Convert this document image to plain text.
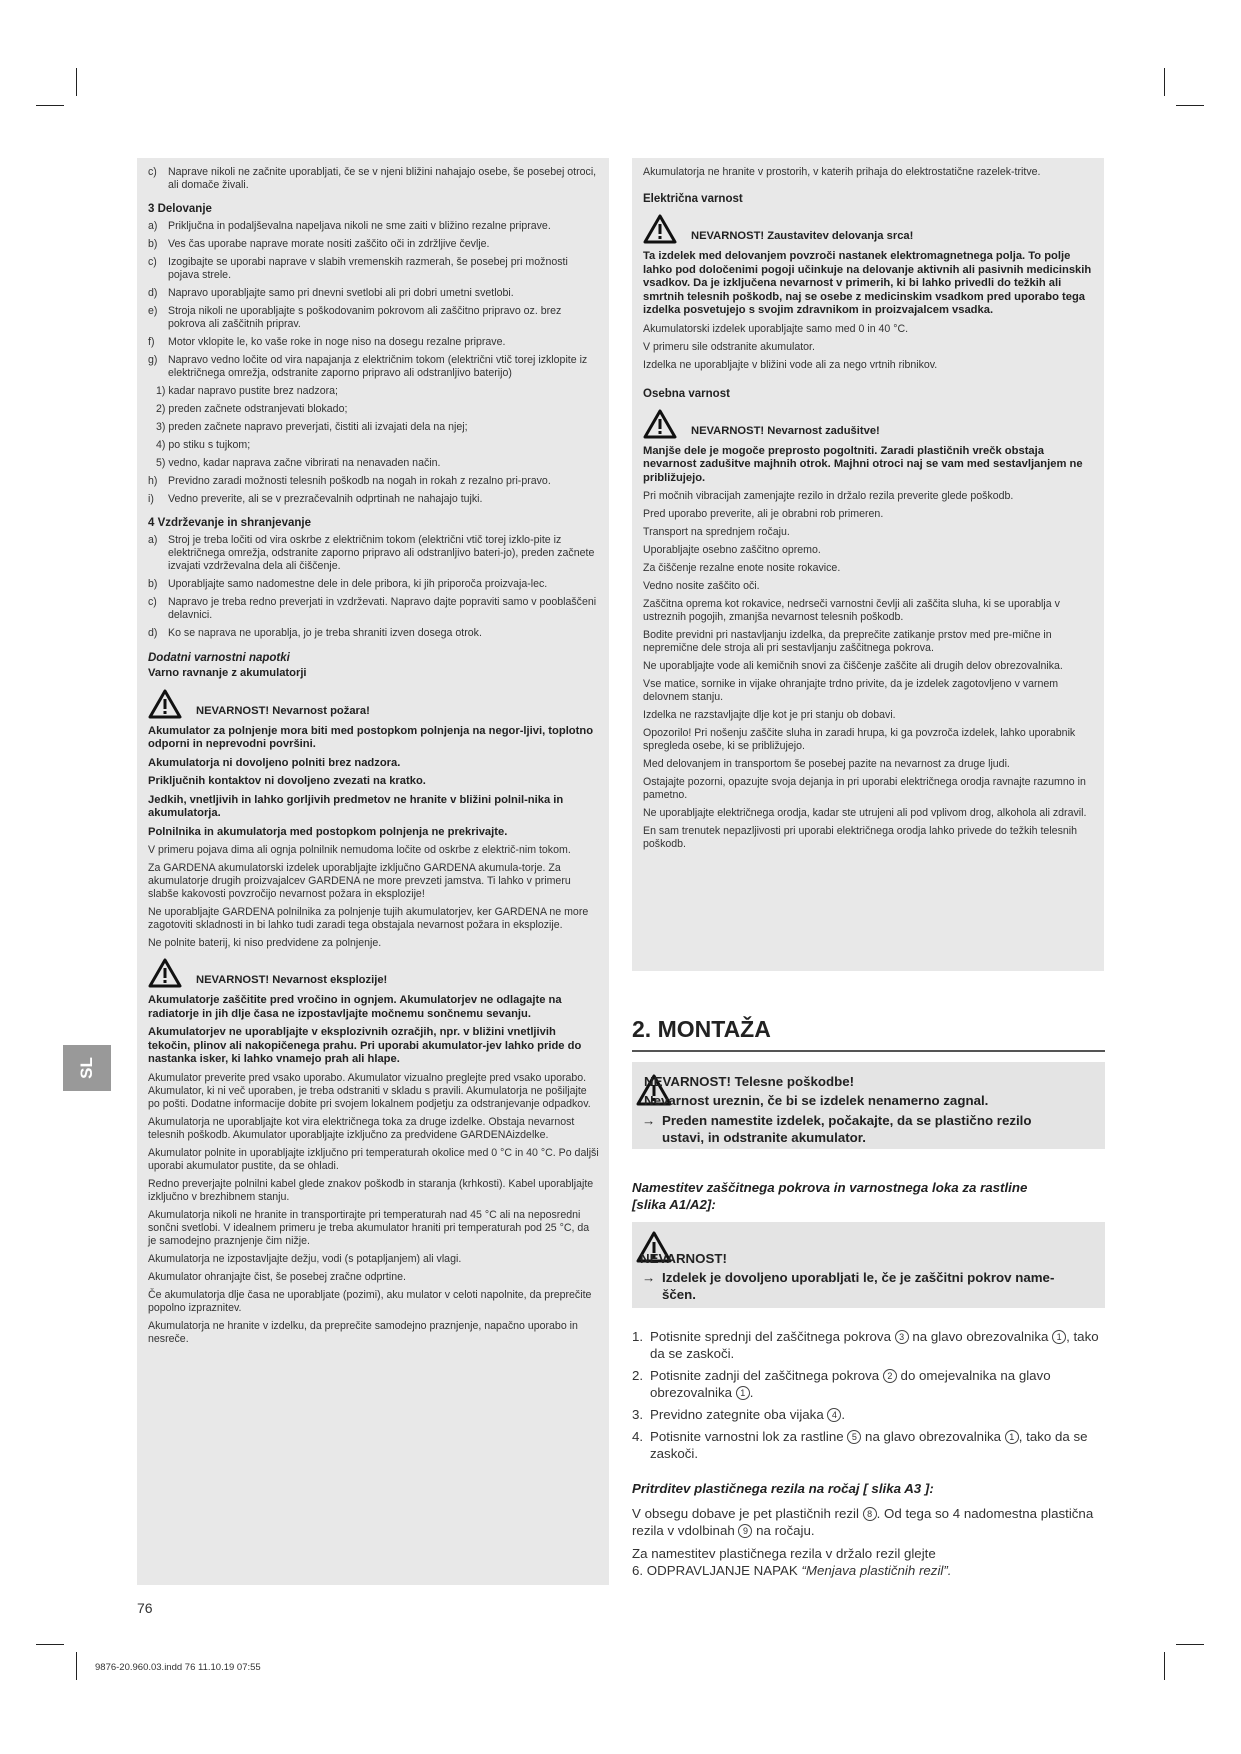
SL
c) Naprave nikoli ne začnite uporabljati, če se v njeni bližini nahajajo osebe, še posebej otroci, ali domače živali.
3 Delovanje
a) Priključna in podaljševalna napeljava nikoli ne sme zaiti v bližino rezalne priprave.
b) Ves čas uporabe naprave morate nositi zaščito oči in zdržljive čevlje.
c) Izogibajte se uporabi naprave v slabih vremenskih razmerah, še posebej pri možnosti pojava strele.
d) Napravo uporabljajte samo pri dnevni svetlobi ali pri dobri umetni svetlobi.
e) Stroja nikoli ne uporabljajte s poškodovanim pokrovom ali zaščitno pripravo oz. brez pokrova ali zaščitnih priprav.
f) Motor vklopite le, ko vaše roke in noge niso na dosegu rezalne priprave.
g) Napravo vedno ločite od vira napajanja z električnim tokom (električni vtič torej izklopite iz električnega omrežja, odstranite zaporno pripravo ali odstranljivo baterijo)
1) kadar napravo pustite brez nadzora;
2) preden začnete odstranjevati blokado;
3) preden začnete napravo preverjati, čistiti ali izvajati dela na njej;
4) po stiku s tujkom;
5) vedno, kadar naprava začne vibrirati na nenavaden način.
h) Previdno zaradi možnosti telesnih poškodb na nogah in rokah z rezalno pri-pravo.
i) Vedno preverite, ali se v prezračevalnih odprtinah ne nahajajo tujki.
4 Vzdrževanje in shranjevanje
a) Stroj je treba ločiti od vira oskrbe z električnim tokom (električni vtič torej izklo-pite iz električnega omrežja, odstranite zaporno pripravo ali odstranljivo bateri-jo), preden začnete izvajati vzdrževalna dela ali čiščenje.
b) Uporabljajte samo nadomestne dele in dele pribora, ki jih priporoča proizvaja-lec.
c) Napravo je treba redno preverjati in vzdrževati. Napravo dajte popraviti samo v pooblaščeni delavnici.
d) Ko se naprava ne uporablja, jo je treba shraniti izven dosega otrok.
Dodatni varnostni napotki

Varno ravnanje z akumulatorji

NEVARNOST! Nevarnost požara!

Akumulator za polnjenje mora biti med postopkom polnjenja na negor-ljivi, toplotno odporni in neprevodni površini.

Akumulatorja ni dovoljeno polniti brez nadzora.

Priključnih kontaktov ni dovoljeno zvezati na kratko.

Jedkih, vnetljivih in lahko gorljivih predmetov ne hranite v bližini polnil-nika in akumulatorja.

Polnilnika in akumulatorja med postopkom polnjenja ne prekrivajte.

V primeru pojava dima ali ognja polnilnik nemudoma ločite od oskrbe z električ-nim tokom.

Za GARDENA akumulatorski izdelek uporabljajte izključno GARDENA akumula-torje. Za akumulatorje drugih proizvajalcev GARDENA ne more prevzeti jamstva. Ti lahko v primeru slabše kakovosti povzročijo nevarnost požara in eksplozije!

Ne uporabljajte GARDENA polnilnika za polnjenje tujih akumulatorjev, ker GARDENA ne more zagotoviti skladnosti in bi lahko tudi zaradi tega obstajala nevarnost požara in eksplozije.

Ne polnite baterij, ki niso predvidene za polnjenje.

NEVARNOST! Nevarnost eksplozije!

Akumulatorje zaščitite pred vročino in ognjem. Akumulatorjev ne odlagajte na radiatorje in jih dlje časa ne izpostavljajte močnemu sončnemu sevanju.

Akumulatorjev ne uporabljajte v eksplozivnih ozračjih, npr. v bližini vnetljivih tekočin, plinov ali nakopičenega prahu. Pri uporabi akumulator-jev lahko pride do nastanka isker, ki lahko vnamejo prah ali hlape.

Akumulator preverite pred vsako uporabo. Akumulator vizualno preglejte pred vsako uporabo. Akumulator, ki ni več uporaben, je treba odstraniti v skladu s pravili. Akumulatorja ne pošiljajte po pošti. Dodatne informacije dobite pri svojem lokalnem podjetju za odstranjevanje odpadkov.

Akumulatorja ne uporabljajte kot vira električnega toka za druge izdelke. Obstaja nevarnost telesnih poškodb. Akumulator uporabljajte izključno za predvidene GARDENAizdelke.

Akumulator polnite in uporabljajte izključno pri temperaturah okolice med 0 °C in 40 °C. Po daljši uporabi akumulator pustite, da se ohladi.

Redno preverjajte polnilni kabel glede znakov poškodb in staranja (krhkosti). Kabel uporabljajte izključno v brezhibnem stanju.

Akumulatorja nikoli ne hranite in transportirajte pri temperaturah nad 45 °C ali na neposredni sončni svetlobi. V idealnem primeru je treba akumulator hraniti pri temperaturah pod 25 °C, da je samodejno praznjenje čim nižje.

Akumulatorja ne izpostavljajte dežju, vodi (s potapljanjem) ali vlagi.

Akumulator ohranjajte čist, še posebej zračne odprtine.

Če akumulatorja dlje časa ne uporabljate (pozimi), aku mulator v celoti napolnite, da preprečite popolno izpraznitev.

Akumulatorja ne hranite v izdelku, da preprečite samodejno praznjenje, napačno uporabo in nesreče.

Akumulatorja ne hranite v prostorih, v katerih prihaja do elektrostatične razelek-tritve.

Električna varnost
NEVARNOST! Zaustavitev delovanja srca!

Ta izdelek med delovanjem povzroči nastanek elektromagnetnega polja. To polje lahko pod določenimi pogoji učinkuje na delovanje aktivnih ali pasivnih medicinskih vsadkov. Da je izključena nevarnost v primerih, ki bi lahko privedli do težkih ali smrtnih telesnih poškodb, naj se osebe z medicinskim vsadkom pred uporabo tega izdelka posvetujejo s svojim zdravnikom in proizvajalcem vsadka.

Akumulatorski izdelek uporabljajte samo med 0 in 40 °C.

V primeru sile odstranite akumulator.

Izdelka ne uporabljajte v bližini vode ali za nego vrtnih ribnikov.

Osebna varnost
NEVARNOST! Nevarnost zadušitve!

Manjše dele je mogoče preprosto pogoltniti. Zaradi plastičnih vrečk obstaja nevarnost zadušitve majhnih otrok. Majhni otroci naj se vam med sestavljanjem ne približujejo.

Pri močnih vibracijah zamenjajte rezilo in držalo rezila preverite glede poškodb.

Pred uporabo preverite, ali je obrabni rob primeren.

Transport na sprednjem ročaju.

Uporabljajte osebno zaščitno opremo.

Za čiščenje rezalne enote nosite rokavice.

Vedno nosite zaščito oči.

Zaščitna oprema kot rokavice, nedrseči varnostni čevlji ali zaščita sluha, ki se uporablja v ustreznih pogojih, zmanjša nevarnost telesnih poškodb.

Bodite previdni pri nastavljanju izdelka, da preprečite zatikanje prstov med pre-mične in nepremične dele stroja ali pri sestavljanju zaščitnega pokrova.

Ne uporabljajte vode ali kemičnih snovi za čiščenje zaščite ali drugih delov obrezovalnika.

Vse matice, sornike in vijake ohranjajte trdno privite, da je izdelek zagotovljeno v varnem delovnem stanju.

Izdelka ne razstavljajte dlje kot je pri stanju ob dobavi.

Opozorilo! Pri nošenju zaščite sluha in zaradi hrupa, ki ga povzroča izdelek, lahko uporabnik spregleda osebe, ki se približujejo.

Med delovanjem in transportom še posebej pazite na nevarnost za druge ljudi.

Ostajajte pozorni, opazujte svoja dejanja in pri uporabi električnega orodja ravnajte razumno in pametno.

Ne uporabljajte električnega orodja, kadar ste utrujeni ali pod vplivom drog, alkohola ali zdravil.

En sam trenutek nepazljivosti pri uporabi električnega orodja lahko privede do težkih telesnih poškodb.

2. MONTAŽA
NEVARNOST! Telesne poškodbe!
Nevarnost ureznin, če bi se izdelek nenamerno zagnal.
→ Preden namestite izdelek, počakajte, da se plastično rezilo
ustavi, in odstranite akumulator.

Namestitev zaščitnega pokrova in varnostnega loka za rastline

[slika A1/A2]:

NEVARNOST!
→ Izdelek je dovoljeno uporabljati le, če je zaščitni pokrov name-
ščen.
1. Potisnite sprednji del zaščitnega pokrova 3 na glavo obrezovalnika 1 , tako da se zaskoči.
2. Potisnite zadnji del zaščitnega pokrova 2 do omejevalnika na glavo obrezovalnika 1 .
3. Previdno zategnite oba vijaka 4 .
4. Potisnite varnostni lok za rastline 5 na glavo obrezovalnika 1 , tako da se zaskoči.

Pritrditev plastičnega rezila na ročaj [ slika A3 ]:

V obsegu dobave je pet plastičnih rezil 8 . Od tega so 4 nadomestna plastična rezila v vdolbinah 9 na ročaju.

Za namestitev plastičnega rezila v držalo rezil glejte
6. ODPRAVLJANJE NAPAK “Menjava plastičnih rezil”.

76
9876-20.960.03.indd 76 11.10.19 07:55
